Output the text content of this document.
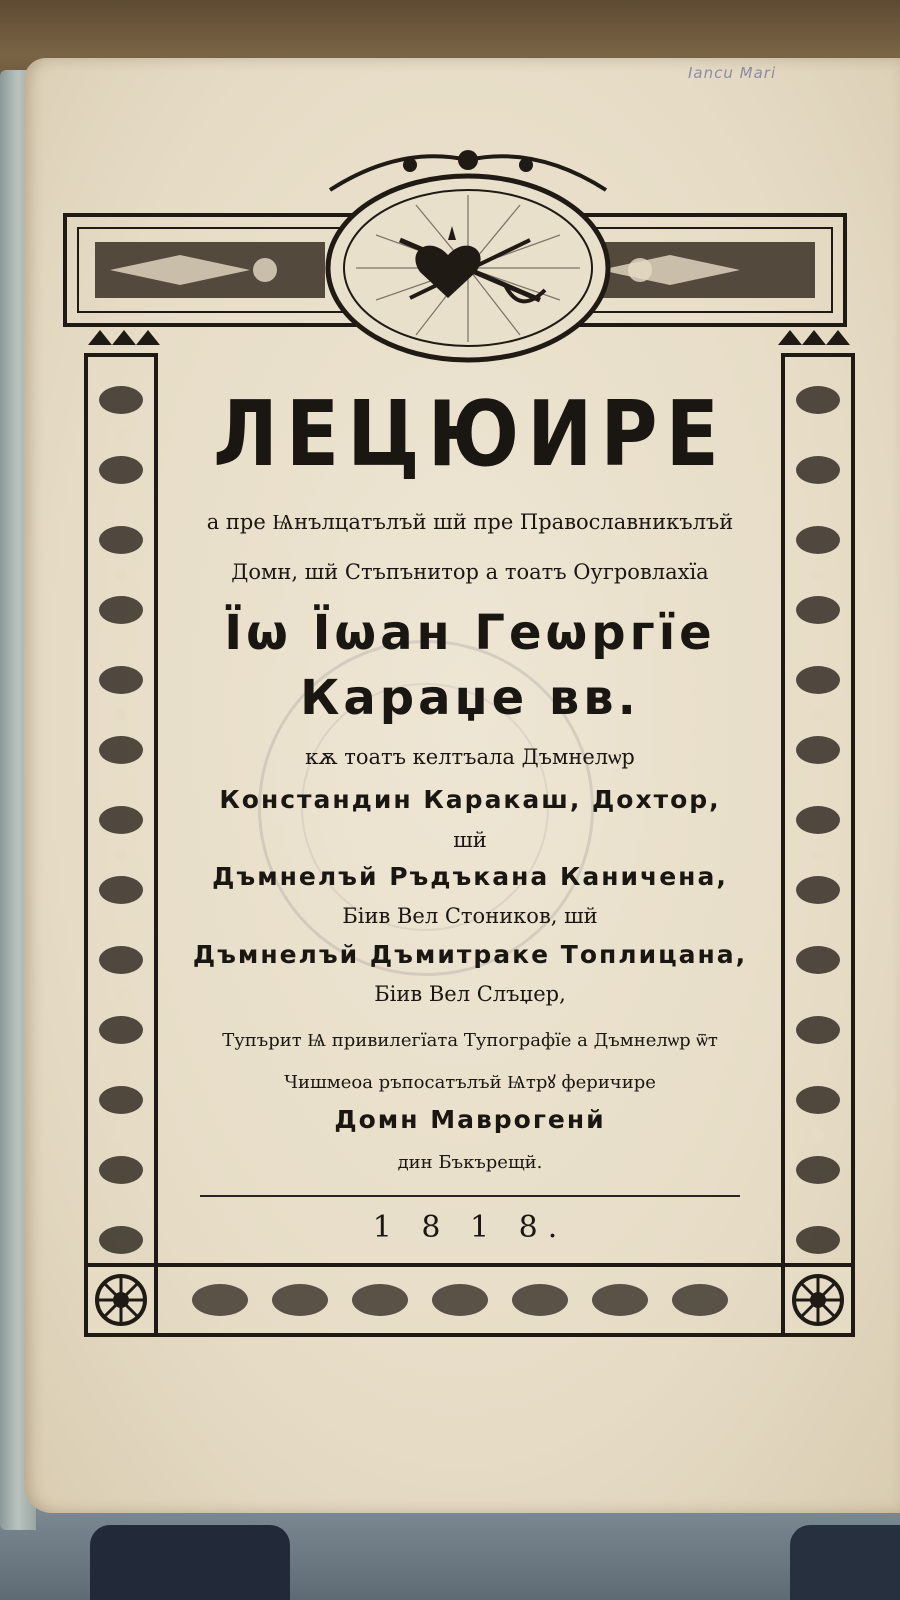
Iancu Mari
ЛЕЦЮИРЕ
а пре Ѩнълцатълъй шй пре Православникълъй
Домн, шй Стъпънитор а тоатъ Оугровлахїа
Їѡ Їѡан Геѡргїе
Караџе вв.
кѫ тоатъ келтъала Дъмнелѡр
Констандин Каракаш, Дохтор,
шй
Дъмнелъй Ръдъкана Каничена,
Біив Вел Стоников, шй
Дъмнелъй Дъмитраке Топлицана,
Біив Вел Слъџер,
Тупърит Ѩ привилегїата Тупографїе а Дъмнелѡр ѿт
Чишмеоа ръпосатълъй Ѩтрꙋ феричире
Домн Маврогенй
дин Бъкърещй.
1 8 1 8.
